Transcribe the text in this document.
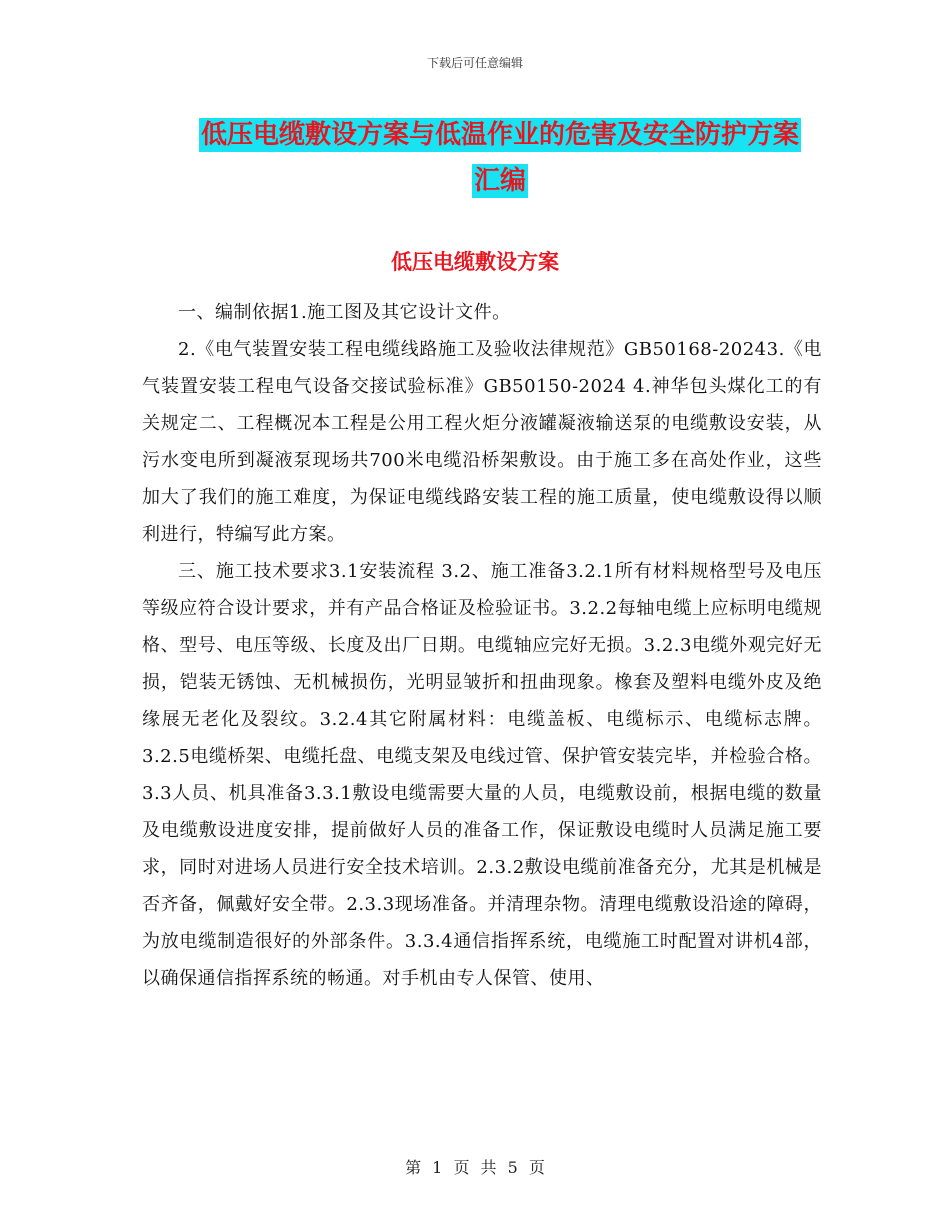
下载后可任意编辑
低压电缆敷设方案与低温作业的危害及安全防护方案
汇编
低压电缆敷设方案

一、编制依据1.施工图及其它设计文件。

2.《电气装置安装工程电缆线路施工及验收法律规范》GB50168-20243.《电气装置安装工程电气设备交接试验标准》GB50150-2024 4.神华包头煤化工的有关规定二、工程概况本工程是公用工程火炬分液罐凝液输送泵的电缆敷设安装，从污水变电所到凝液泵现场共700米电缆沿桥架敷设。由于施工多在高处作业，这些加大了我们的施工难度，为保证电缆线路安装工程的施工质量，使电缆敷设得以顺利进行，特编写此方案。

三、施工技术要求3.1安装流程 3.2、施工准备3.2.1所有材料规格型号及电压等级应符合设计要求，并有产品合格证及检验证书。3.2.2每轴电缆上应标明电缆规格、型号、电压等级、长度及出厂日期。电缆轴应完好无损。3.2.3电缆外观完好无损，铠装无锈蚀、无机械损伤，光明显皱折和扭曲现象。橡套及塑料电缆外皮及绝缘展无老化及裂纹。3.2.4其它附属材料：电缆盖板、电缆标示、电缆标志牌。3.2.5电缆桥架、电缆托盘、电缆支架及电线过管、保护管安装完毕，并检验合格。3.3人员、机具准备3.3.1敷设电缆需要大量的人员，电缆敷设前，根据电缆的数量及电缆敷设进度安排，提前做好人员的准备工作，保证敷设电缆时人员满足施工要求，同时对进场人员进行安全技术培训。2.3.2敷设电缆前准备充分，尤其是机械是否齐备，佩戴好安全带。2.3.3现场准备。并清理杂物。清理电缆敷设沿途的障碍，为放电缆制造很好的外部条件。3.3.4通信指挥系统，电缆施工时配置对讲机4部，以确保通信指挥系统的畅通。对手机由专人保管、使用、

第 1 页 共 5 页
